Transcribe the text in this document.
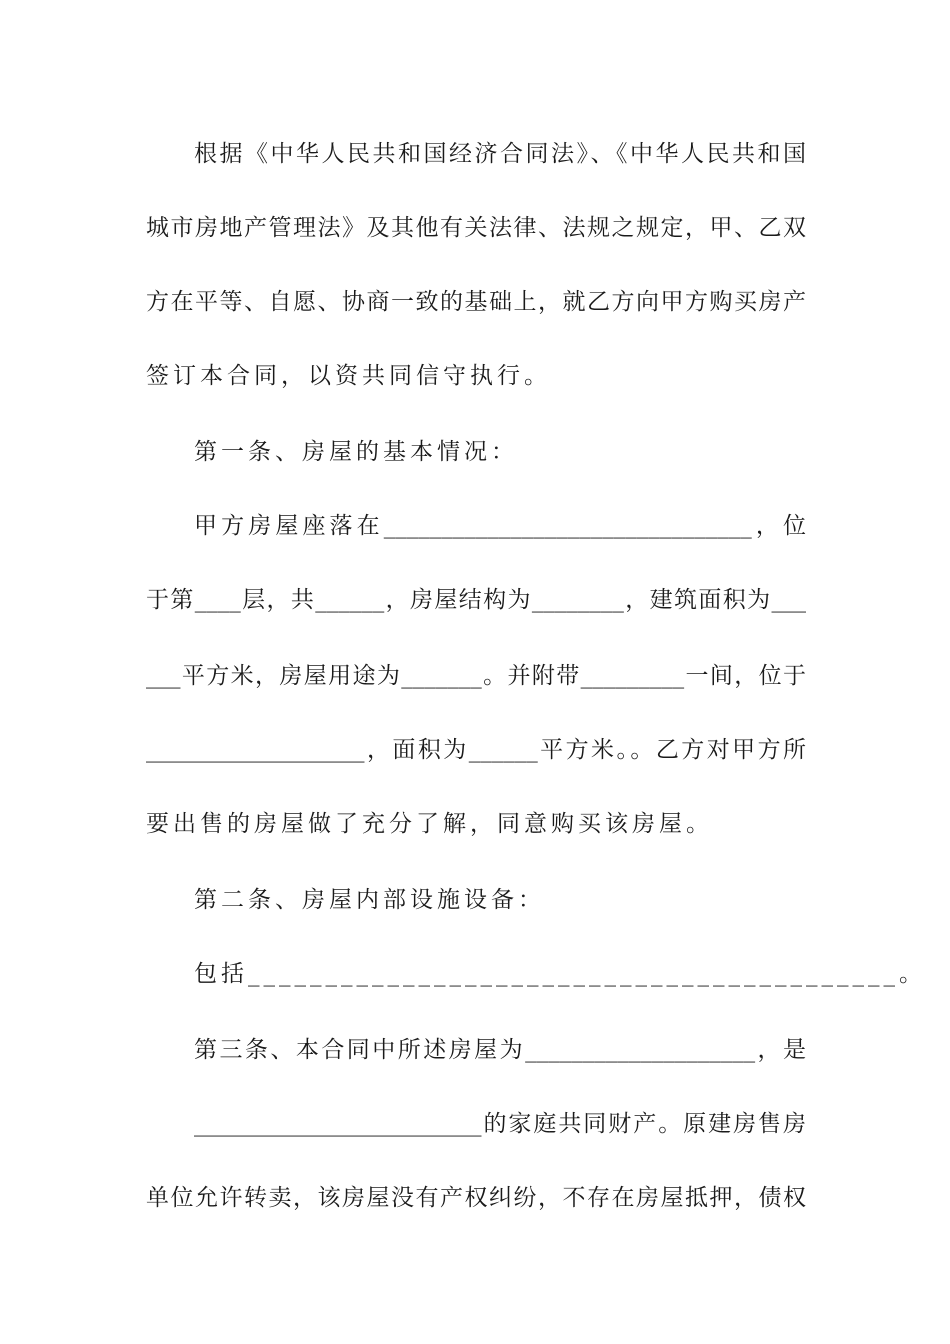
根据《中华人民共和国经济合同法》、《中华人民共和国
城市房地产管理法》及其他有关法律、法规之规定，甲、乙双
方在平等、自愿、协商一致的基础上，就乙方向甲方购买房产
签订本合同，以资共同信守执行。
第一条、房屋的基本情况：
甲方房屋座落在________________________________，位
于第____层，共______，房屋结构为________，建筑面积为___
___平方米，房屋用途为_______。并附带_________一间，位于
___________________，面积为______平方米。。乙方对甲方所
要出售的房屋做了充分了解，同意购买该房屋。
第二条、房屋内部设施设备：
包括__________________________________________。
第三条、本合同中所述房屋为____________________，是
_________________________的家庭共同财产。原建房售房
单位允许转卖，该房屋没有产权纠纷，不存在房屋抵押，债权
